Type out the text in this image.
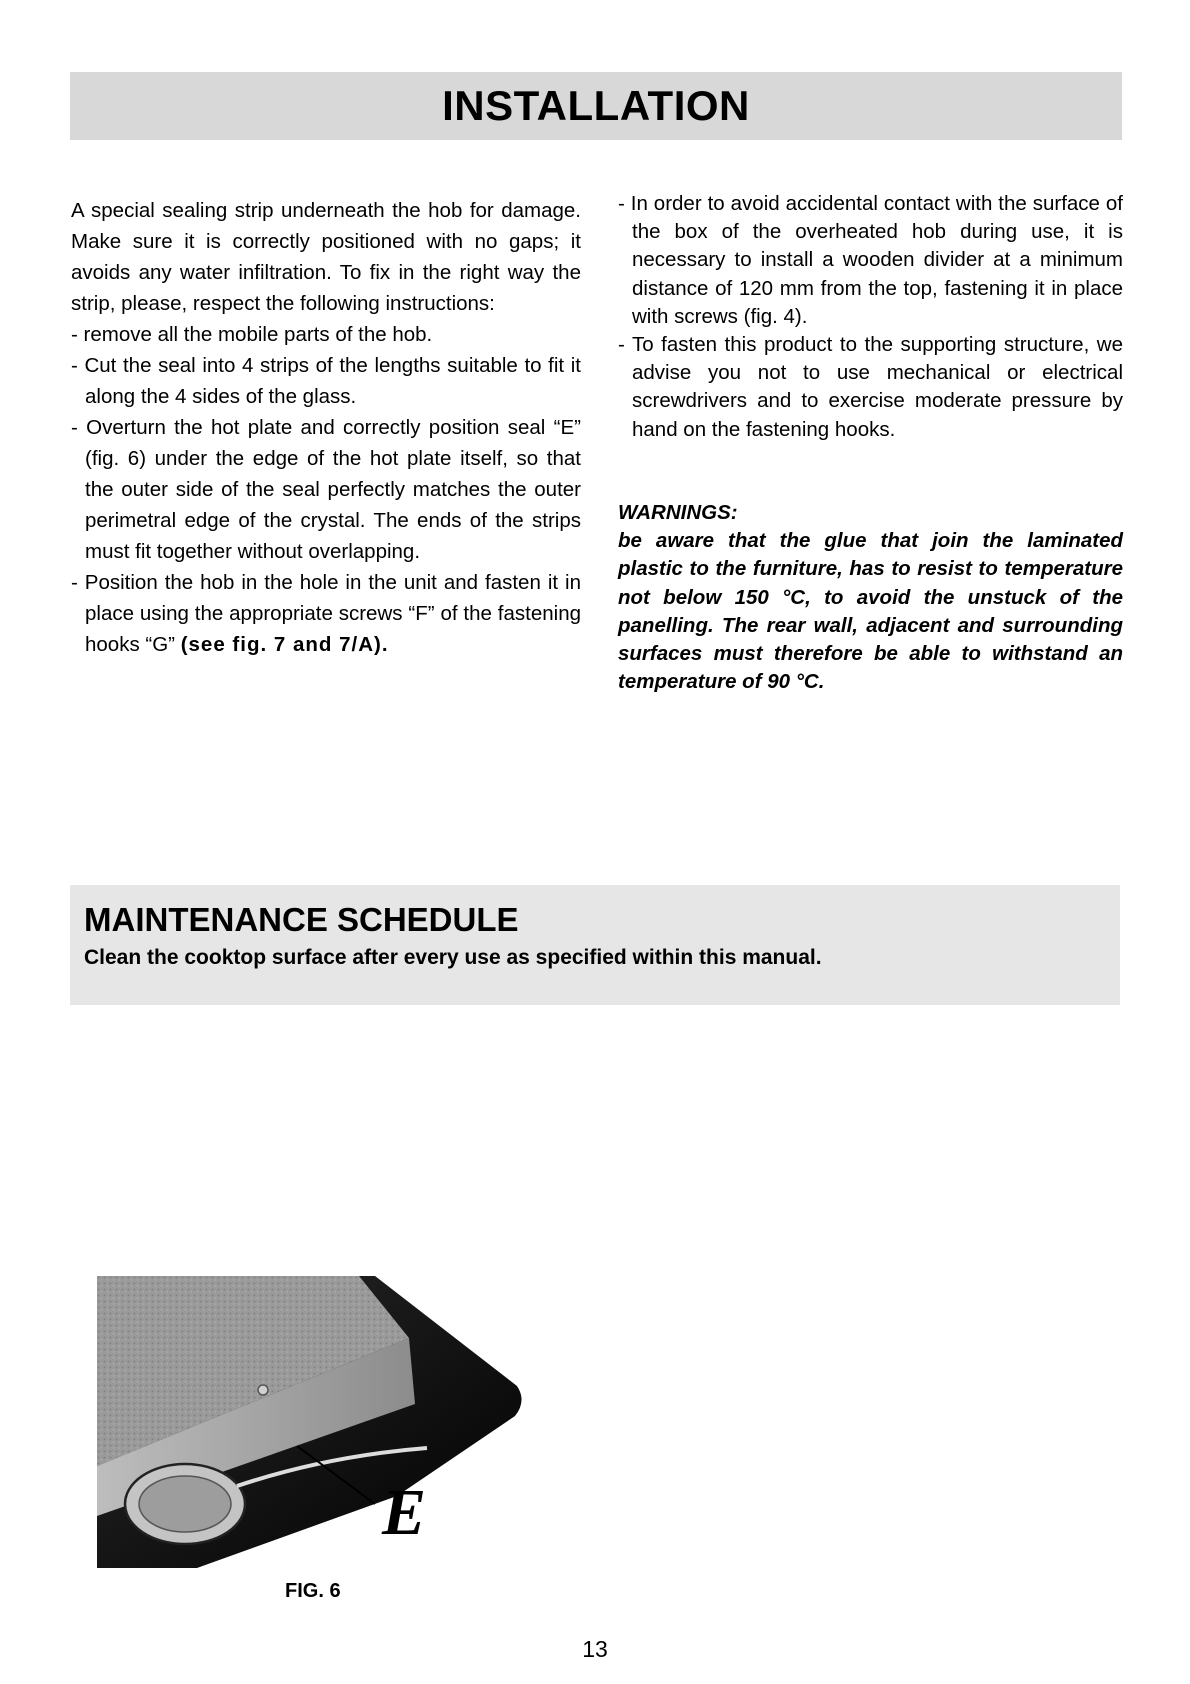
INSTALLATION

A special sealing strip underneath the hob for damage. Make sure it is correctly positioned with no gaps; it avoids any water infiltration. To fix in the right way the strip, please, respect the following instructions:

- remove all the mobile parts of the hob.
- Cut the seal into 4 strips of the lengths suitable to fit it along the 4 sides of the glass.
- Overturn the hot plate and correctly position seal “E” (fig. 6) under the edge of the hot plate itself, so that the outer side of the seal perfectly matches the outer perimetral edge of the crystal. The ends of the strips must fit together without overlapping.
- Position the hob in the hole in the unit and fasten it in place using the appropriate screws “F” of the fastening hooks “G” (see fig. 7 and 7/A).
- In order to avoid accidental contact with the surface of the box of the overheated hob during use, it is necessary to install a wooden divider at a minimum distance of 120 mm from the top, fastening it in place with screws (fig. 4).
- To fasten this product to the supporting structure, we advise you not to use mechanical or electrical screwdrivers and to exercise moderate pressure by hand on the fastening hooks.
WARNINGS:
be aware that the glue that join the laminated plastic to the furniture, has to resist to temperature not below 150 °C, to avoid the unstuck of the panelling. The rear wall, adjacent and surrounding surfaces must therefore be able to withstand an temperature of 90 °C.
MAINTENANCE SCHEDULE
Clean the cooktop surface after every use as specified within this manual.
E
FIG. 6
13
